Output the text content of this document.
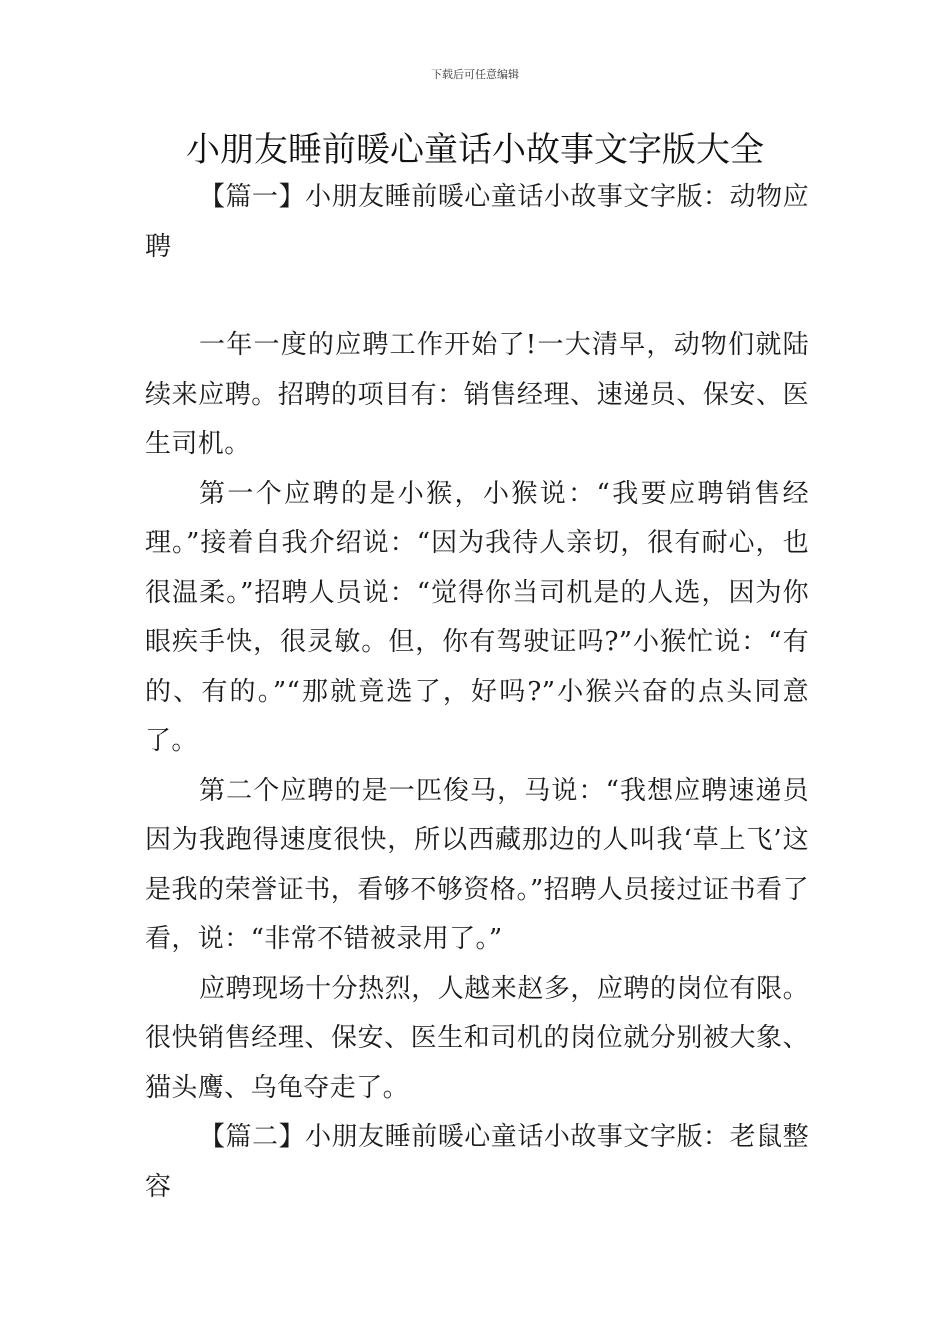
下载后可任意编辑
小朋友睡前暖心童话小故事文字版大全

【篇一】小朋友睡前暖心童话小故事文字版：动物应聘

一年一度的应聘工作开始了!一大清早，动物们就陆续来应聘。招聘的项目有：销售经理、速递员、保安、医生司机。

第一个应聘的是小猴，小猴说：“我要应聘销售经理。”接着自我介绍说：“因为我待人亲切，很有耐心，也很温柔。”招聘人员说：“觉得你当司机是的人选，因为你眼疾手快，很灵敏。但，你有驾驶证吗?”小猴忙说：“有的、有的。”“那就竟选了，好吗?”小猴兴奋的点头同意了。

第二个应聘的是一匹俊马，马说：“我想应聘速递员因为我跑得速度很快，所以西藏那边的人叫我‘草上飞’这是我的荣誉证书，看够不够资格。”招聘人员接过证书看了看，说：“非常不错被录用了。”

应聘现场十分热烈，人越来赵多，应聘的岗位有限。很快销售经理、保安、医生和司机的岗位就分别被大象、猫头鹰、乌龟夺走了。

【篇二】小朋友睡前暖心童话小故事文字版：老鼠整容
